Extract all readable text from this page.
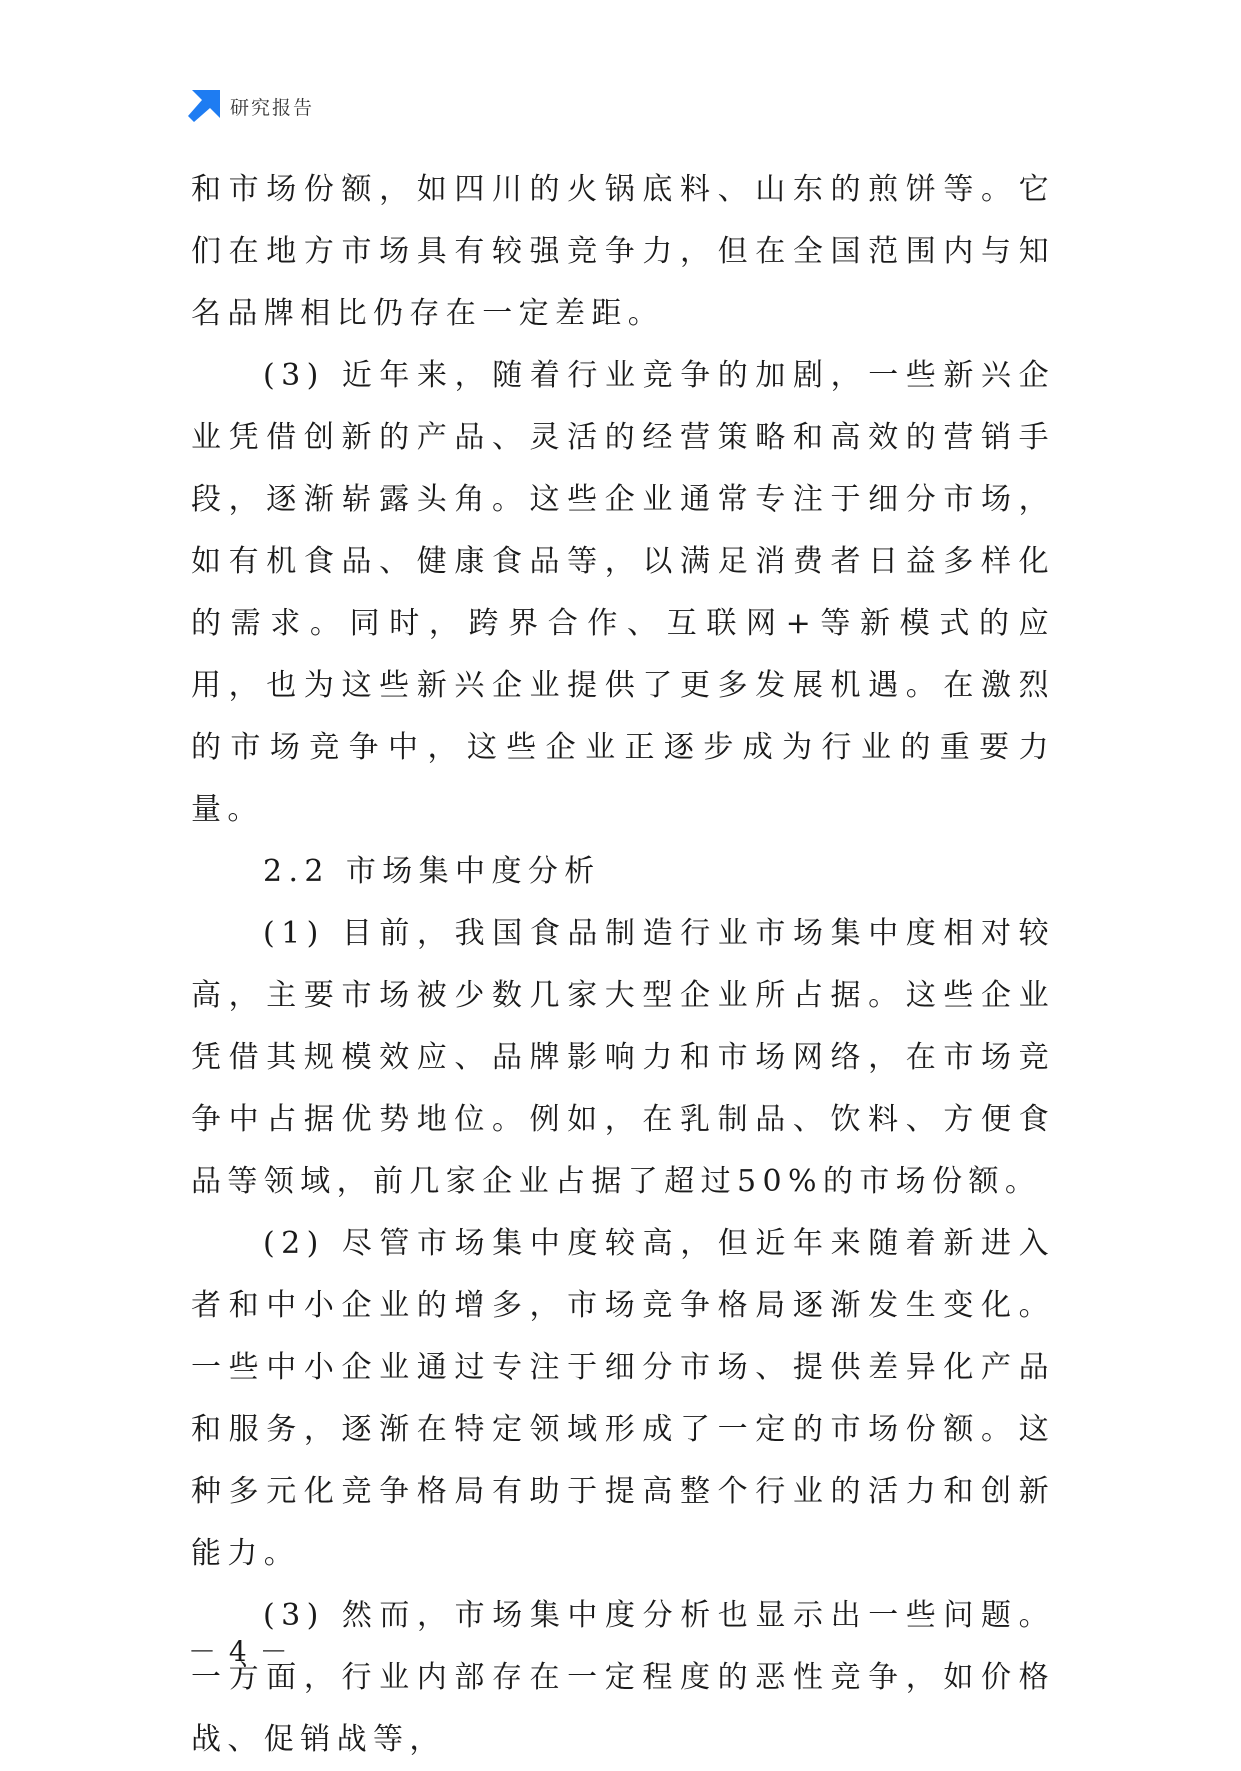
研究报告

和市场份额，如四川的火锅底料、山东的煎饼等。它们在地方市场具有较强竞争力，但在全国范围内与知名品牌相比仍存在一定差距。

(3) 近年来，随着行业竞争的加剧，一些新兴企业凭借创新的产品、灵活的经营策略和高效的营销手段，逐渐崭露头角。这些企业通常专注于细分市场，如有机食品、健康食品等，以满足消费者日益多样化的需求。同时，跨界合作、互联网+等新模式的应用，也为这些新兴企业提供了更多发展机遇。在激烈的市场竞争中，这些企业正逐步成为行业的重要力量。

2.2 市场集中度分析

(1) 目前，我国食品制造行业市场集中度相对较高，主要市场被少数几家大型企业所占据。这些企业凭借其规模效应、品牌影响力和市场网络，在市场竞争中占据优势地位。例如，在乳制品、饮料、方便食品等领域，前几家企业占据了超过50%的市场份额。

(2) 尽管市场集中度较高，但近年来随着新进入者和中小企业的增多，市场竞争格局逐渐发生变化。一些中小企业通过专注于细分市场、提供差异化产品和服务，逐渐在特定领域形成了一定的市场份额。这种多元化竞争格局有助于提高整个行业的活力和创新能力。

(3) 然而，市场集中度分析也显示出一些问题。一方面，行业内部存在一定程度的恶性竞争，如价格战、促销战等，

－ 4 －
